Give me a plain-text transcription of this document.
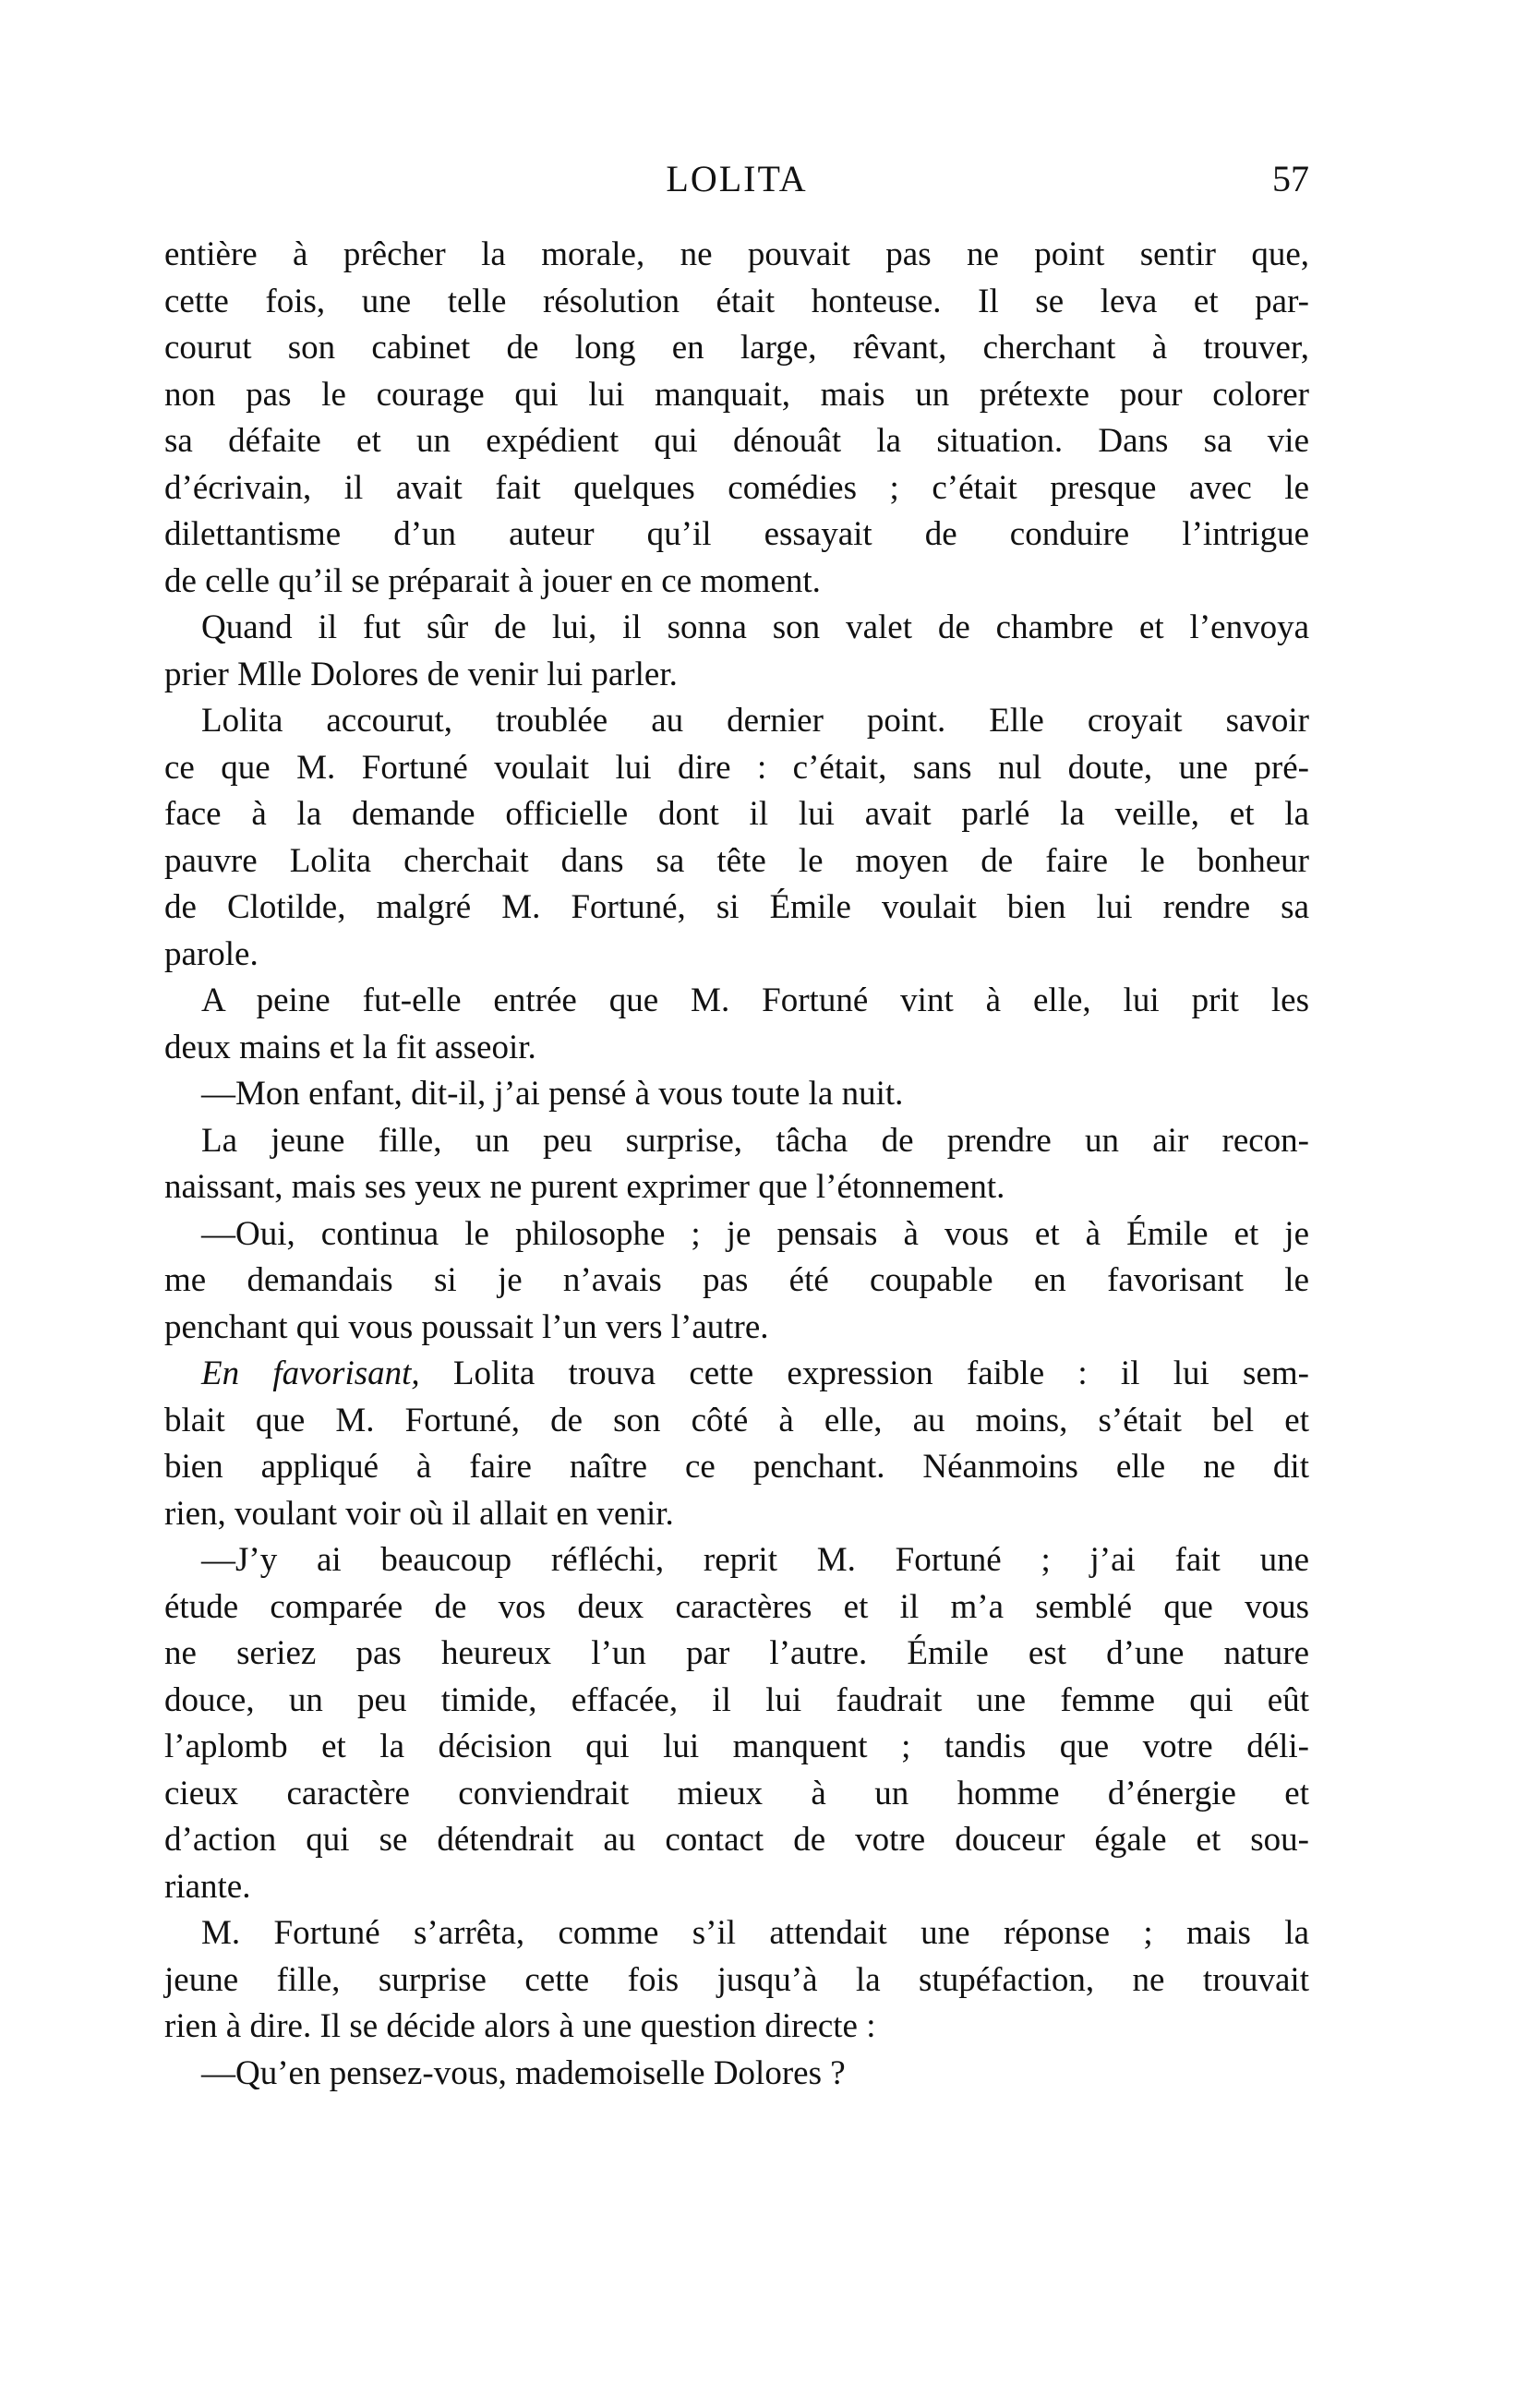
LOLITA	57
entière à prêcher la morale, ne pouvait pas ne point sentir que,
cette fois, une telle résolution était honteuse. Il se leva et par-
courut son cabinet de long en large, rêvant, cherchant à trouver,
non pas le courage qui lui manquait, mais un prétexte pour colorer
sa défaite et un expédient qui dénouât la situation. Dans sa vie
d’écrivain, il avait fait quelques comédies ; c’était presque avec le
dilettantisme d’un auteur qu’il essayait de conduire l’intrigue
de celle qu’il se préparait à jouer en ce moment.
Quand il fut sûr de lui, il sonna son valet de chambre et l’envoya
prier Mlle Dolores de venir lui parler.
Lolita accourut, troublée au dernier point. Elle croyait savoir
ce que M. Fortuné voulait lui dire : c’était, sans nul doute, une pré-
face à la demande officielle dont il lui avait parlé la veille, et la
pauvre Lolita cherchait dans sa tête le moyen de faire le bonheur
de Clotilde, malgré M. Fortuné, si Émile voulait bien lui rendre sa
parole.
A peine fut-elle entrée que M. Fortuné vint à elle, lui prit les
deux mains et la fit asseoir.
—Mon enfant, dit-il, j’ai pensé à vous toute la nuit.
La jeune fille, un peu surprise, tâcha de prendre un air recon-
naissant, mais ses yeux ne purent exprimer que l’étonnement.
—Oui, continua le philosophe ; je pensais à vous et à Émile et je
me demandais si je n’avais pas été coupable en favorisant le
penchant qui vous poussait l’un vers l’autre.
En favorisant, Lolita trouva cette expression faible : il lui sem-
blait que M. Fortuné, de son côté à elle, au moins, s’était bel et
bien appliqué à faire naître ce penchant. Néanmoins elle ne dit
rien, voulant voir où il allait en venir.
—J’y ai beaucoup réfléchi, reprit M. Fortuné ; j’ai fait une
étude comparée de vos deux caractères et il m’a semblé que vous
ne seriez pas heureux l’un par l’autre. Émile est d’une nature
douce, un peu timide, effacée, il lui faudrait une femme qui eût
l’aplomb et la décision qui lui manquent ; tandis que votre déli-
cieux caractère conviendrait mieux à un homme d’énergie et
d’action qui se détendrait au contact de votre douceur égale et sou-
riante.
M. Fortuné s’arrêta, comme s’il attendait une réponse ; mais la
jeune fille, surprise cette fois jusqu’à la stupéfaction, ne trouvait
rien à dire. Il se décide alors à une question directe :
—Qu’en pensez-vous, mademoiselle Dolores ?
